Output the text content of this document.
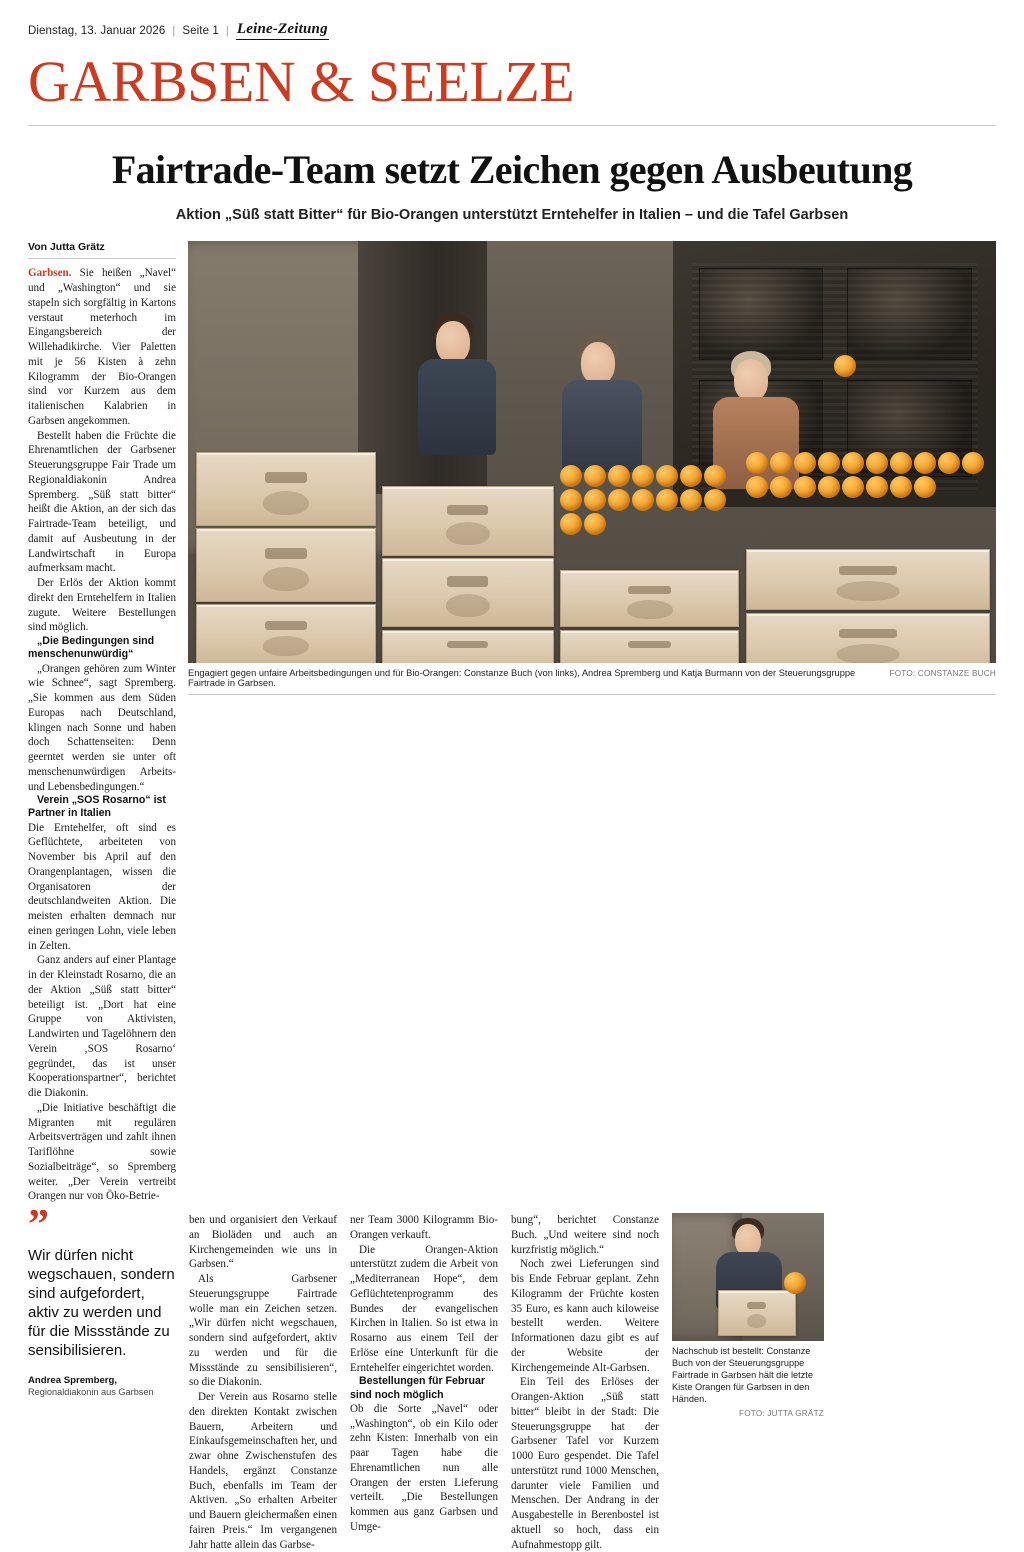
Dienstag, 13. Januar 2026 | Seite 1 | Leine-Zeitung
GARBSEN & SEELZE
Fairtrade-Team setzt Zeichen gegen Ausbeutung
Aktion „Süß statt Bitter“ für Bio-Orangen unterstützt Erntehelfer in Italien – und die Tafel Garbsen
Von Jutta Grätz

Garbsen. Sie heißen „Navel“ und „Washington“ und sie stapeln sich sorgfältig in Kartons verstaut meterhoch im Eingangsbereich der Willehadikirche. Vier Paletten mit je 56 Kisten à zehn Kilogramm der Bio-Orangen sind vor Kurzem aus dem italienischen Kalabrien in Garbsen angekommen.

Bestellt haben die Früchte die Ehrenamtlichen der Garbsener Steuerungsgruppe Fair Trade um Regionaldiakonin Andrea Spremberg. „Süß statt bitter“ heißt die Aktion, an der sich das Fairtrade-Team beteiligt, und damit auf Ausbeutung in der Landwirtschaft in Europa aufmerksam macht.

Der Erlös der Aktion kommt direkt den Erntehelfern in Italien zugute. Weitere Bestellungen sind möglich.

„Die Bedingungen sind menschenunwürdig“

„Orangen gehören zum Winter wie Schnee“, sagt Spremberg. „Sie kommen aus dem Süden Europas nach Deutschland, klingen nach Sonne und haben doch Schattenseiten: Denn geerntet werden sie unter oft menschenunwürdigen Arbeits- und Lebensbedingungen.“

Verein „SOS Rosarno“ ist Partner in Italien

Die Erntehelfer, oft sind es Geflüchtete, arbeiteten von November bis April auf den Orangenplantagen, wissen die Organisatoren der deutschlandweiten Aktion. Die meisten erhalten demnach nur einen geringen Lohn, viele leben in Zelten.

Ganz anders auf einer Plantage in der Kleinstadt Rosarno, die an der Aktion „Süß statt bitter“ beteiligt ist. „Dort hat eine Gruppe von Aktivisten, Landwirten und Tagelöhnern den Verein ‚SOS Rosarno‘ gegründet, das ist unser Kooperationspartner“, berichtet die Diakonin.

„Die Initiative beschäftigt die Migranten mit regulären Arbeitsverträgen und zahlt ihnen Tariflöhne sowie Sozialbeiträge“, so Spremberg weiter. „Der Verein vertreibt Orangen nur von Öko-Betrie-

Engagiert gegen unfaire Arbeitsbedingungen und für Bio-Orangen: Constanze Buch (von links), Andrea Spremberg und Katja Burmann von der Steuerungsgruppe Fairtrade in Garbsen.
FOTO: CONSTANZE BUCH
”
Wir dürfen nicht wegschauen, sondern sind aufgefordert, aktiv zu werden und für die Missstände zu sensibilisieren.
Andrea Spremberg,
Regionaldiakonin aus Garbsen

ben und organisiert den Verkauf an Bioläden und auch an Kirchengemeinden wie uns in Garbsen.“

Als Garbsener Steuerungsgruppe Fairtrade wolle man ein Zeichen setzen. „Wir dürfen nicht wegschauen, sondern sind aufgefordert, aktiv zu werden und für die Missstände zu sensibilisieren“, so die Diakonin.

Der Verein aus Rosarno stelle den direkten Kontakt zwischen Bauern, Arbeitern und Einkaufsgemeinschaften her, und zwar ohne Zwischenstufen des Handels, ergänzt Constanze Buch, ebenfalls im Team der Aktiven. „So erhalten Arbeiter und Bauern gleichermaßen einen fairen Preis.“ Im vergangenen Jahr hatte allein das Garbse-

ner Team 3000 Kilogramm Bio-Orangen verkauft.

Die Orangen-Aktion unterstützt zudem die Arbeit von „Mediterranean Hope“, dem Geflüchtetenprogramm des Bundes der evangelischen Kirchen in Italien. So ist etwa in Rosarno aus einem Teil der Erlöse eine Unterkunft für die Erntehelfer eingerichtet worden.

Bestellungen für Februar sind noch möglich

Ob die Sorte „Navel“ oder „Washington“, ob ein Kilo oder zehn Kisten: Innerhalb von ein paar Tagen habe die Ehrenamtlichen nun alle Orangen der ersten Lieferung verteilt. „Die Bestellungen kommen aus ganz Garbsen und Umge-

bung“, berichtet Constanze Buch. „Und weitere sind noch kurzfristig möglich.“

Noch zwei Lieferungen sind bis Ende Februar geplant. Zehn Kilogramm der Früchte kosten 35 Euro, es kann auch kiloweise bestellt werden. Weitere Informationen dazu gibt es auf der Website der Kirchengemeinde Alt-Garbsen.

Ein Teil des Erlöses der Orangen-Aktion „Süß statt bitter“ bleibt in der Stadt: Die Steuerungsgruppe hat der Garbsener Tafel vor Kurzem 1000 Euro gespendet. Die Tafel unterstützt rund 1000 Menschen, darunter viele Familien und Menschen. Der Andrang in der Ausgabestelle in Berenbostel ist aktuell so hoch, dass ein Aufnahmestopp gilt.

Nachschub ist bestellt: Constanze Buch von der Steuerungsgruppe Fairtrade in Garbsen hält die letzte Kiste Orangen für Garbsen in den Händen.
FOTO: JUTTA GRÄTZ
